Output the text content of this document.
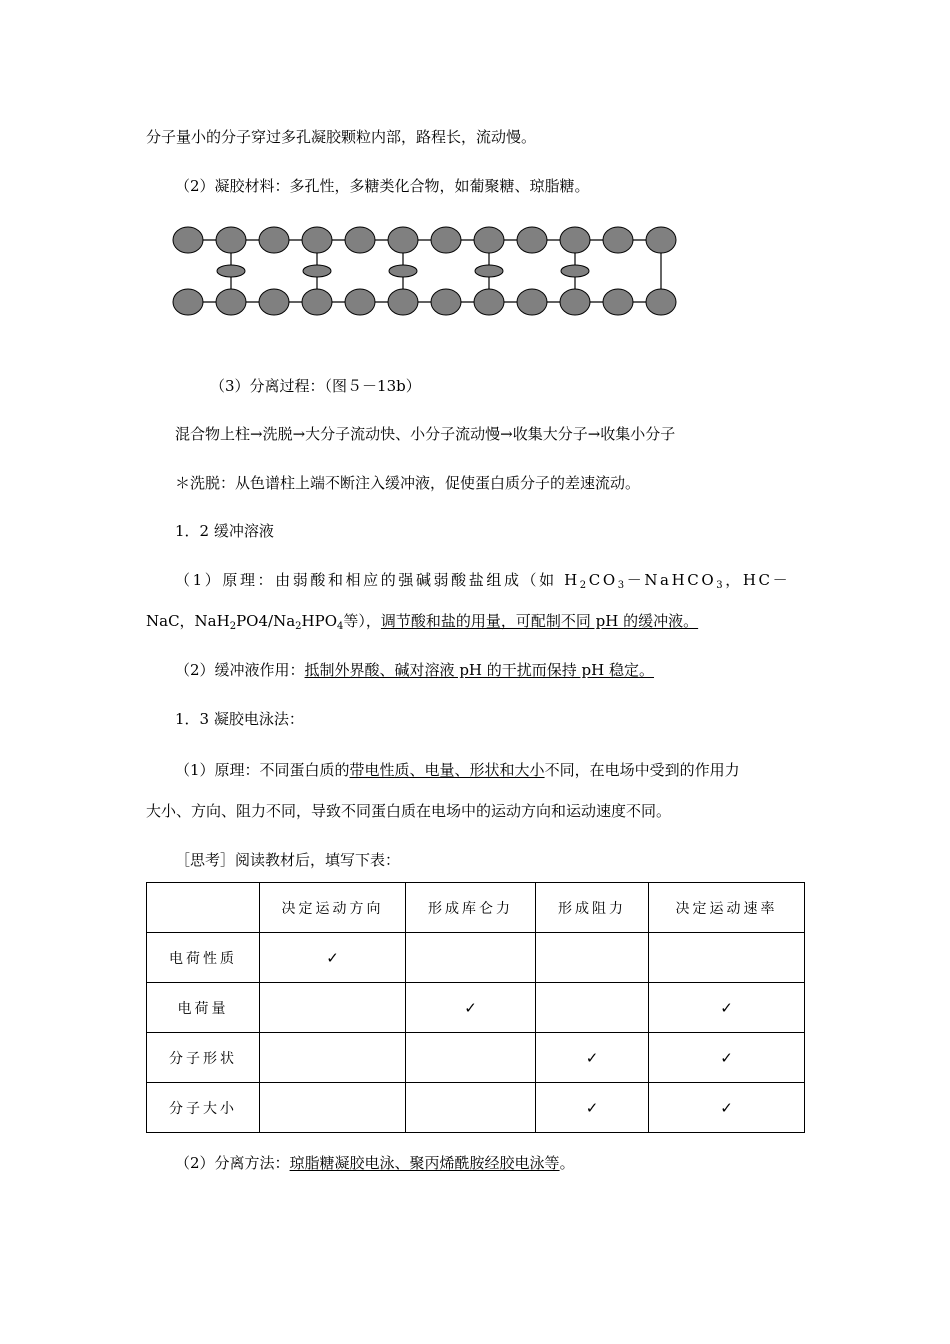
分子量小的分子穿过多孔凝胶颗粒内部，路程长，流动慢。
（2）凝胶材料：多孔性，多糖类化合物，如葡聚糖、琼脂糖。
（3）分离过程：（图５－13b）
混合物上柱→洗脱→大分子流动快、小分子流动慢→收集大分子→收集小分子
＊洗脱：从色谱柱上端不断注入缓冲液，促使蛋白质分子的差速流动。
1．2 缓冲溶液
（1）原理：由弱酸和相应的强碱弱酸盐组成（如 $H_2CO_3-NaHCO_3$，HC－
NaC，$NaH_2PO4/Na_2HPO_4$等），调节酸和盐的用量，可配制不同 pH 的缓冲液。
（2）缓冲液作用：抵制外界酸、碱对溶液 pH 的干扰而保持 pH 稳定。
1．3 凝胶电泳法：
（1）原理：不同蛋白质的带电性质、电量、形状和大小不同，在电场中受到的作用力
大小、方向、阻力不同，导致不同蛋白质在电场中的运动方向和运动速度不同。
［思考］阅读教材后，填写下表：
	决定运动方向	形成库仑力	形成阻力	决定运动速率
电荷性质	✓			
电荷量		✓		✓
分子形状			✓	✓
分子大小			✓	✓
（2）分离方法：琼脂糖凝胶电泳、聚丙烯酰胺经胶电泳等。
